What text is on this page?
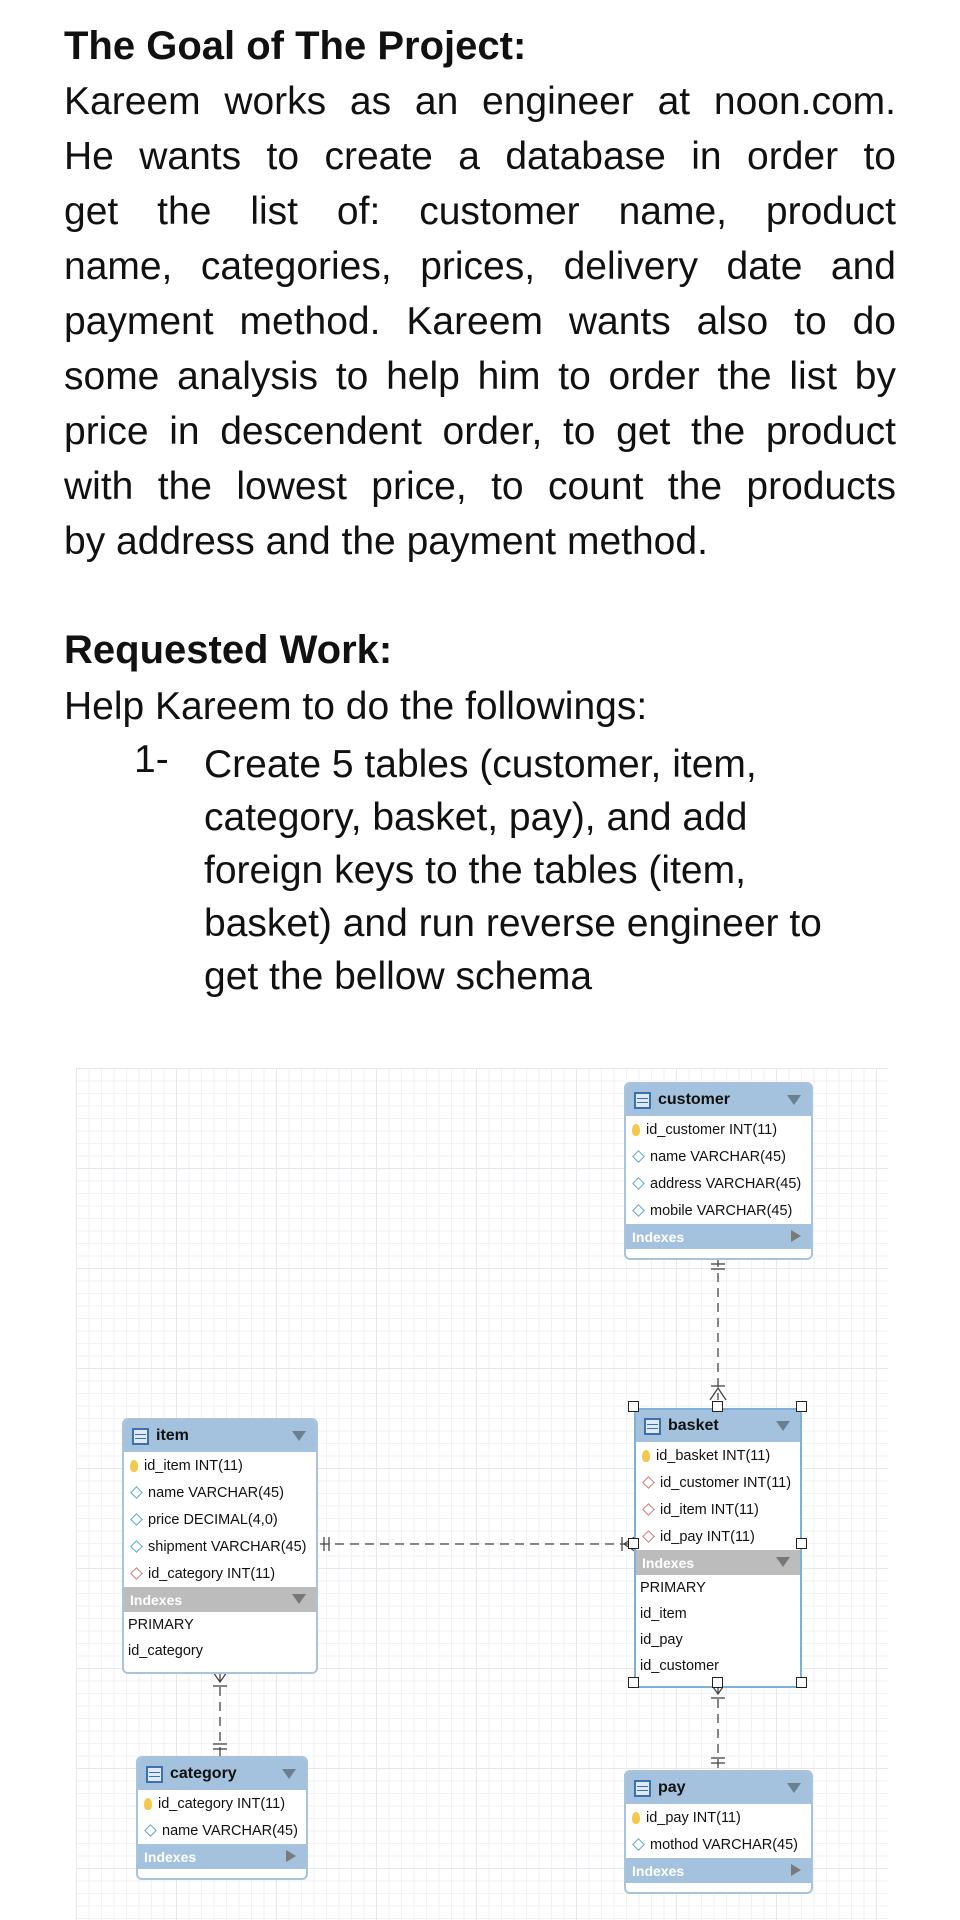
The Goal of The Project:
Kareem works as an engineer at noon.com.
He wants to create a database in order to
get the list of: customer name, product
name, categories, prices, delivery date and
payment method. Kareem wants also to do
some analysis to help him to order the list by
price in descendent order, to get the product
with the lowest price, to count the products
by address and the payment method.
Requested Work:
Help Kareem to do the followings:
1- Create 5 tables (customer, item,
category, basket, pay), and add
foreign keys to the tables (item,
basket) and run reverse engineer to
get the bellow schema
customer
id_customer INT(11)
name VARCHAR(45)
address VARCHAR(45)
mobile VARCHAR(45)
Indexes
basket
id_basket INT(11)
id_customer INT(11)
id_item INT(11)
id_pay INT(11)
Indexes
PRIMARY
id_item
id_pay
id_customer
item
id_item INT(11)
name VARCHAR(45)
price DECIMAL(4,0)
shipment VARCHAR(45)
id_category INT(11)
Indexes
PRIMARY
id_category
category
id_category INT(11)
name VARCHAR(45)
Indexes
pay
id_pay INT(11)
mothod VARCHAR(45)
Indexes
